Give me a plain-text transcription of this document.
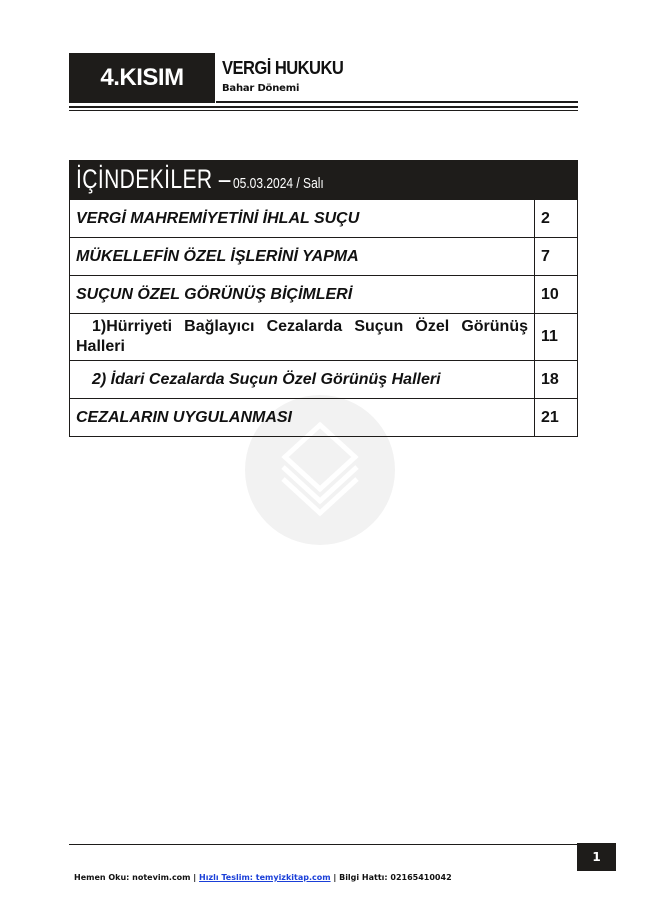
4.KISIM VERGİ HUKUKU
Bahar Dönemi
İÇİNDEKİLER – 05.03.2024 / Salı
VERGİ MAHREMİYETİNİ İHLAL SUÇU	2
MÜKELLEFİN ÖZEL İŞLERİNİ YAPMA	7
SUÇUN ÖZEL GÖRÜNÜŞ BİÇİMLERİ	10
1)Hürriyeti Bağlayıcı Cezalarda Suçun Özel Görünüş Halleri	11
2) İdari Cezalarda Suçun Özel Görünüş Halleri	18
CEZALARIN UYGULANMASI	21
1
Hemen Oku: notevim.com | Hızlı Teslim: temyizkitap.com | Bilgi Hattı: 02165410042
